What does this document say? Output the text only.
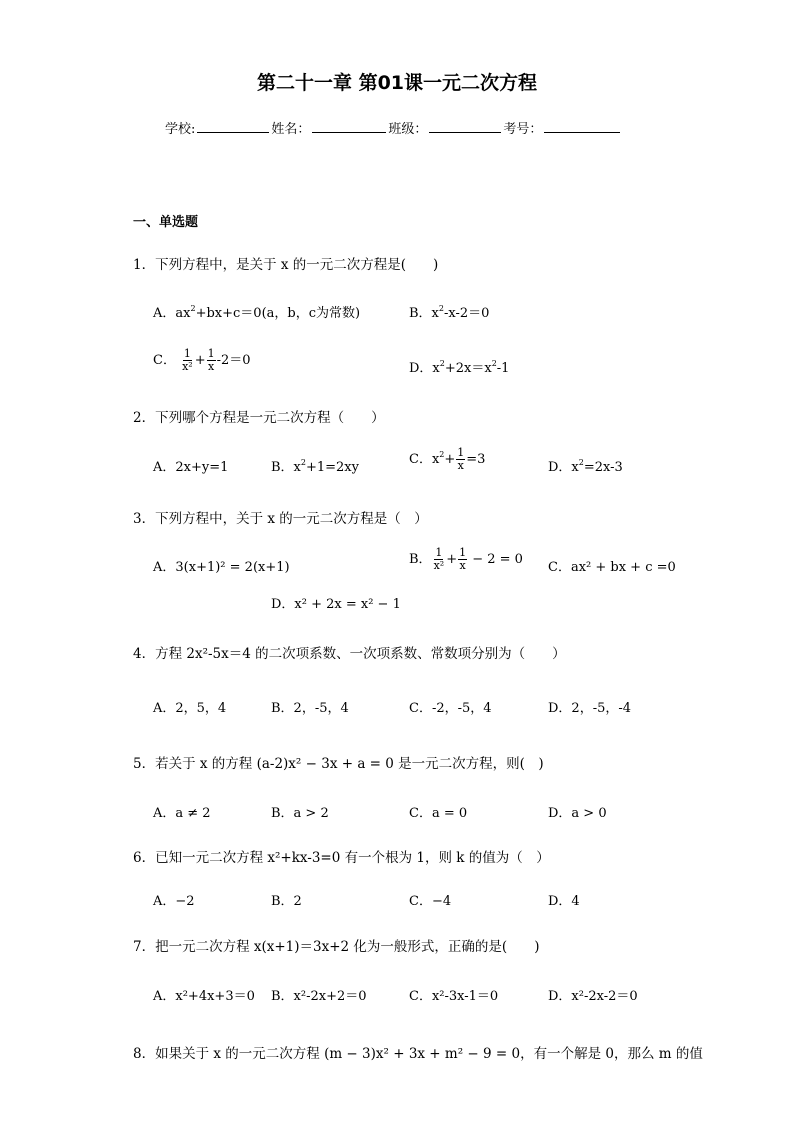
第二十一章 第01课一元二次方程
学校:	姓名：	班级：	考号：
一、单选题
1．下列方程中，是关于 x 的一元二次方程是(　　)
A．$ax^2+bx+c=0(a$，b，c为常数)	B．$x^2-x-2=0$
C． $\frac{1}{\text{x²}} + \frac{1}{x} -2=0$
D．$x^2+2x=x^2-1$
2．下列哪个方程是一元二次方程（　　）
A．2x+y=1	B．$x^2+1=2xy$
C．$x^2+ \frac{1}{x} =3$
D．$x^2=2x-3$
3．下列方程中，关于 x 的一元二次方程是（　）
A．3(x+1)² = 2(x+1)
B． $\frac{1}{\text{x²}} + \frac{1}{x} - 2 = 0$
C．ax² + bx + c =0
D．x² + 2x = x² − 1
4．方程 2x²-5x＝4 的二次项系数、一次项系数、常数项分别为（　　）
A．2，5，4	B．2，-5，4	C．-2，-5，4	D．2，-5，-4
5．若关于 x 的方程 (a-2)x² − 3x + a = 0 是一元二次方程，则(　)
A．a ≠ 2	B．a > 2	C．a = 0	D．a > 0
6．已知一元二次方程 x²+kx-3=0 有一个根为 1，则 k 的值为（　）
A．−2	B．2	C．−4	D．4
7．把一元二次方程 x(x+1)＝3x+2 化为一般形式，正确的是(　　)
A．x²+4x+3＝0 B．x²-2x+2＝0	C．x²-3x-1＝0	D．x²-2x-2＝0
8．如果关于 x 的一元二次方程 (m − 3)x² + 3x + m² − 9 = 0，有一个解是 0，那么 m 的值
